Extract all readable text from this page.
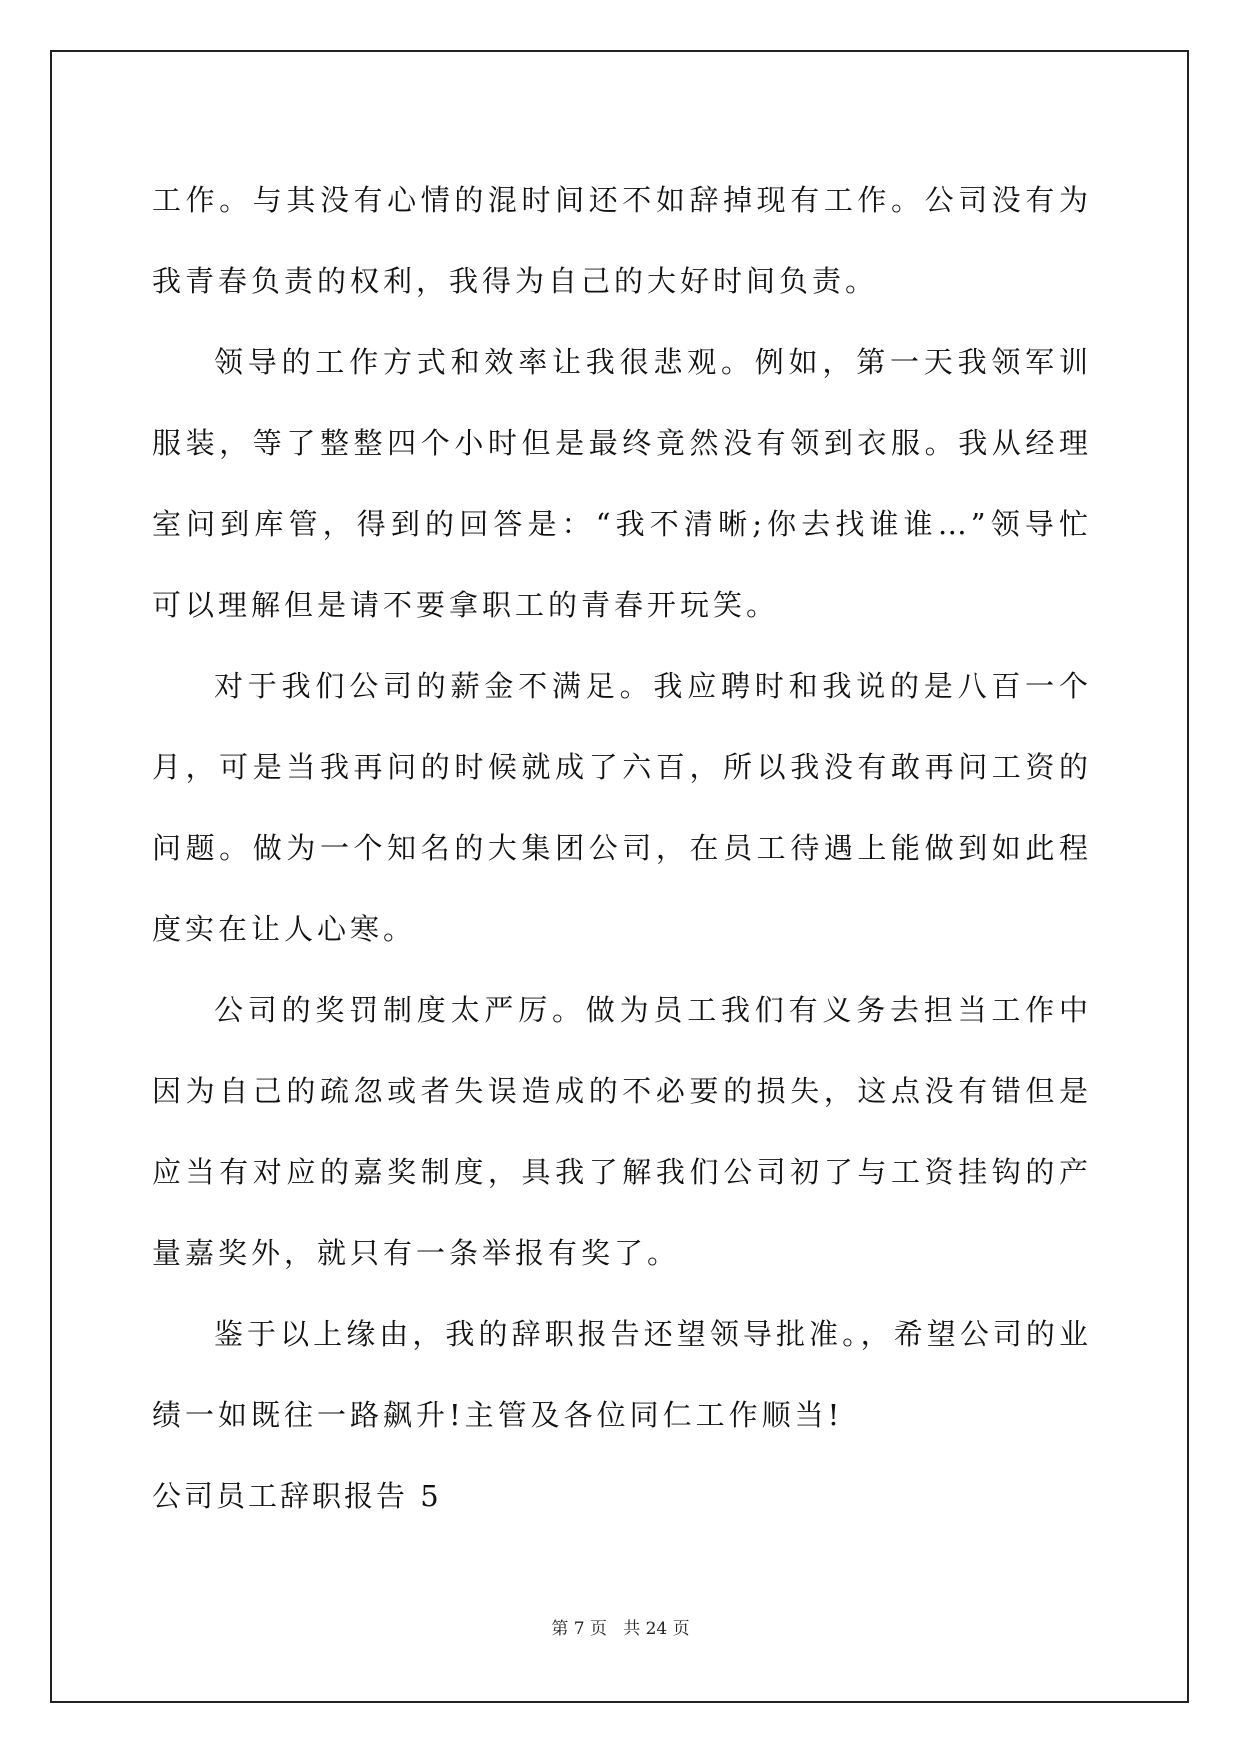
工作。与其没有心情的混时间还不如辞掉现有工作。公司没有为我青春负责的权利，我得为自己的大好时间负责。

领导的工作方式和效率让我很悲观。例如，第一天我领军训服装，等了整整四个小时但是最终竟然没有领到衣服。我从经理室问到库管，得到的回答是：“我不清晰;你去找谁谁…”领导忙可以理解但是请不要拿职工的青春开玩笑。

对于我们公司的薪金不满足。我应聘时和我说的是八百一个月，可是当我再问的时候就成了六百，所以我没有敢再问工资的问题。做为一个知名的大集团公司，在员工待遇上能做到如此程度实在让人心寒。

公司的奖罚制度太严厉。做为员工我们有义务去担当工作中因为自己的疏忽或者失误造成的不必要的损失，这点没有错但是应当有对应的嘉奖制度，具我了解我们公司初了与工资挂钩的产量嘉奖外，就只有一条举报有奖了。

鉴于以上缘由，我的辞职报告还望领导批准。，希望公司的业绩一如既往一路飙升!主管及各位同仁工作顺当!

公司员工辞职报告 5

第 7 页 共 24 页
